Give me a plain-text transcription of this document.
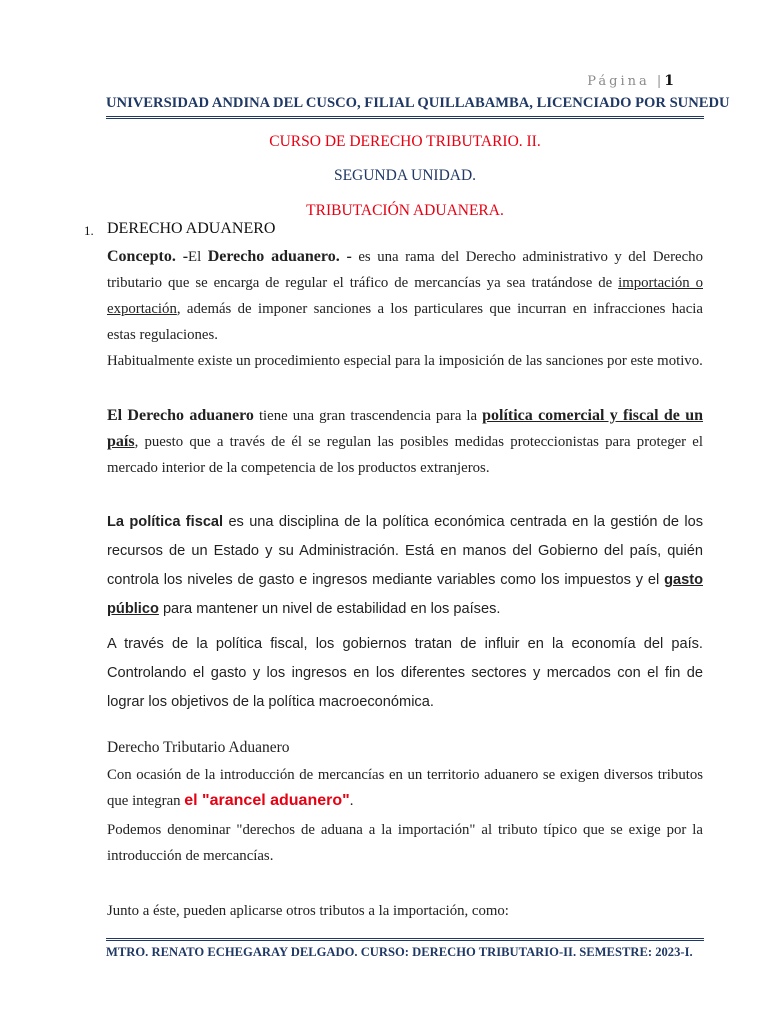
Página |1
UNIVERSIDAD ANDINA DEL CUSCO, FILIAL QUILLABAMBA, LICENCIADO POR SUNEDU
CURSO DE DERECHO TRIBUTARIO. II.
SEGUNDA UNIDAD.
TRIBUTACIÓN ADUANERA.
1. DERECHO ADUANERO

Concepto. -El Derecho aduanero. - es una rama del Derecho administrativo y del Derecho tributario que se encarga de regular el tráfico de mercancías ya sea tratándose de importación o exportación, además de imponer sanciones a los particulares que incurran en infracciones hacia estas regulaciones.

Habitualmente existe un procedimiento especial para la imposición de las sanciones por este motivo.

El Derecho aduanero tiene una gran trascendencia para la política comercial y fiscal de un país, puesto que a través de él se regulan las posibles medidas proteccionistas para proteger el mercado interior de la competencia de los productos extranjeros.

La política fiscal es una disciplina de la política económica centrada en la gestión de los recursos de un Estado y su Administración. Está en manos del Gobierno del país, quién controla los niveles de gasto e ingresos mediante variables como los impuestos y el gasto público para mantener un nivel de estabilidad en los países.

A través de la política fiscal, los gobiernos tratan de influir en la economía del país. Controlando el gasto y los ingresos en los diferentes sectores y mercados con el fin de lograr los objetivos de la política macroeconómica.

Derecho Tributario Aduanero

Con ocasión de la introducción de mercancías en un territorio aduanero se exigen diversos tributos que integran el "arancel aduanero".

Podemos denominar "derechos de aduana a la importación" al tributo típico que se exige por la introducción de mercancías.

Junto a éste, pueden aplicarse otros tributos a la importación, como:

MTRO. RENATO ECHEGARAY DELGADO. CURSO: DERECHO TRIBUTARIO-II. SEMESTRE: 2023-I.
